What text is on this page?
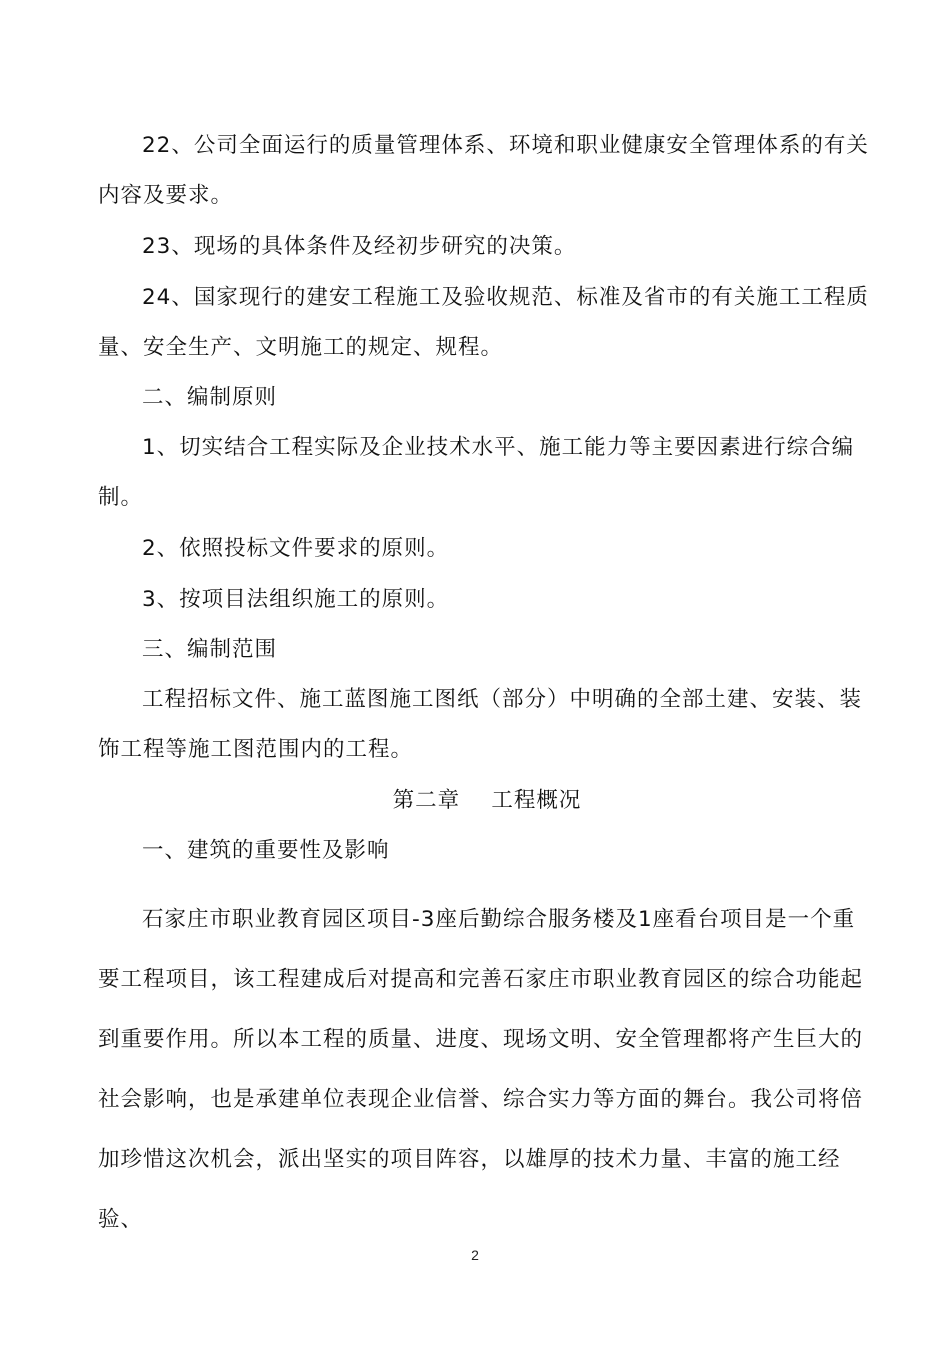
22、公司全面运行的质量管理体系、环境和职业健康安全管理体系的有关内容及要求。

23、现场的具体条件及经初步研究的决策。

24、国家现行的建安工程施工及验收规范、标准及省市的有关施工工程质量、安全生产、文明施工的规定、规程。

二、编制原则

1、切实结合工程实际及企业技术水平、施工能力等主要因素进行综合编制。

2、依照投标文件要求的原则。

3、按项目法组织施工的原则。

三、编制范围

工程招标文件、施工蓝图施工图纸（部分）中明确的全部土建、安装、装饰工程等施工图范围内的工程。

第二章    工程概况

一、建筑的重要性及影响

石家庄市职业教育园区项目-3座后勤综合服务楼及1座看台项目是一个重要工程项目，该工程建成后对提高和完善石家庄市职业教育园区的综合功能起到重要作用。所以本工程的质量、进度、现场文明、安全管理都将产生巨大的社会影响，也是承建单位表现企业信誉、综合实力等方面的舞台。我公司将倍加珍惜这次机会，派出坚实的项目阵容，以雄厚的技术力量、丰富的施工经验、

2
